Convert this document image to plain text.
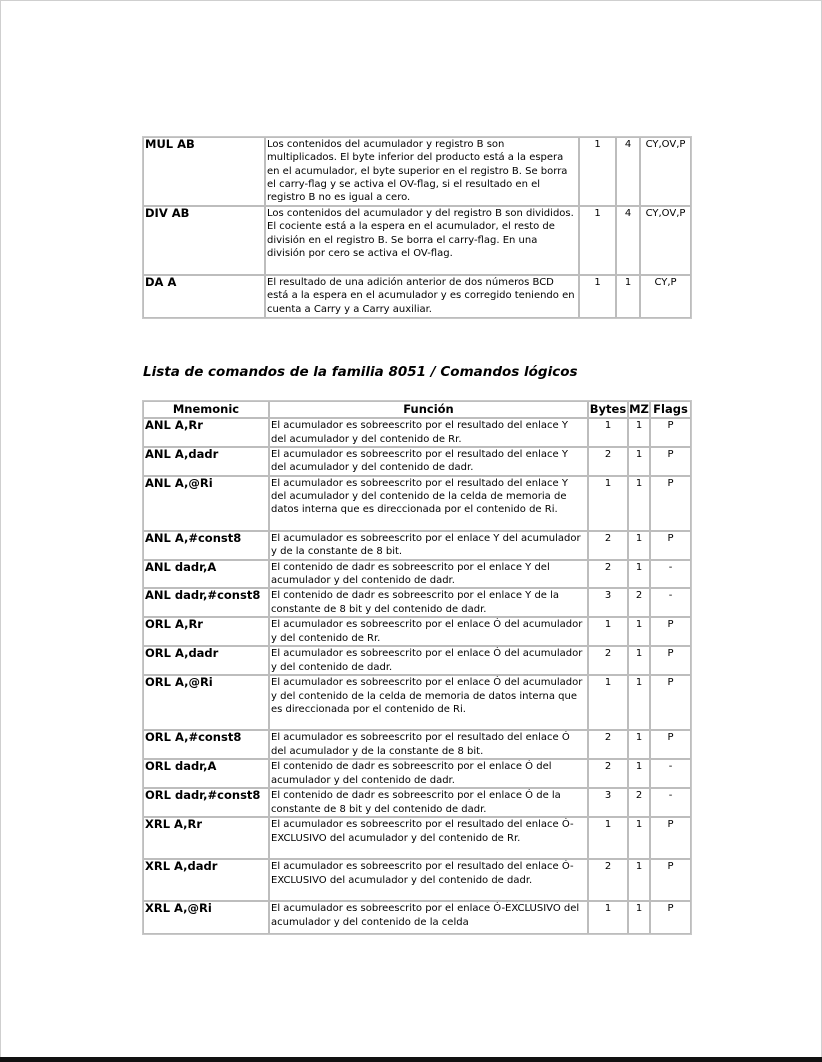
MUL AB	Los contenidos del acumulador y registro B son multiplicados. El byte inferior del producto está a la espera en el acumulador, el byte superior en el registro B. Se borra el carry-flag y se activa el OV-flag, si el resultado en el registro B no es igual a cero.	1	4	CY,OV,P
DIV AB	Los contenidos del acumulador y del registro B son divididos. El cociente está a la espera en el acumulador, el resto de división en el registro B. Se borra el carry-flag. En una división por cero se activa el OV-flag.	1	4	CY,OV,P
DA A	El resultado de una adición anterior de dos números BCD está a la espera en el acumulador y es corregido teniendo en cuenta a Carry y a Carry auxiliar.	1	1	CY,P
Lista de comandos de la familia 8051 / Comandos lógicos
Mnemonic	Función	Bytes	MZ	Flags
ANL A,Rr	El acumulador es sobreescrito por el resultado del enlace Y del acumulador y del contenido de Rr.	1	1	P
ANL A,dadr	El acumulador es sobreescrito por el resultado del enlace Y del acumulador y del contenido de dadr.	2	1	P
ANL A,@Ri	El acumulador es sobreescrito por el resultado del enlace Y del acumulador y del contenido de la celda de memoria de datos interna que es direccionada por el contenido de Ri.	1	1	P
ANL A,#const8	El acumulador es sobreescrito por el enlace Y del acumulador y de la constante de 8 bit.	2	1	P
ANL dadr,A	El contenido de dadr es sobreescrito por el enlace Y del acumulador y del contenido de dadr.	2	1	-
ANL dadr,#const8	El contenido de dadr es sobreescrito por el enlace Y de la constante de 8 bit y del contenido de dadr.	3	2	-
ORL A,Rr	El acumulador es sobreescrito por el enlace Ó del acumulador y del contenido de Rr.	1	1	P
ORL A,dadr	El acumulador es sobreescrito por el enlace Ó del acumulador y del contenido de dadr.	2	1	P
ORL A,@Ri	El acumulador es sobreescrito por el enlace Ó del acumulador y del contenido de la celda de memoria de datos interna que es direccionada por el contenido de Ri.	1	1	P
ORL A,#const8	El acumulador es sobreescrito por el resultado del enlace Ó del acumulador y de la constante de 8 bit.	2	1	P
ORL dadr,A	El contenido de dadr es sobreescrito por el enlace Ó del acumulador y del contenido de dadr.	2	1	-
ORL dadr,#const8	El contenido de dadr es sobreescrito por el enlace Ó de la constante de 8 bit y del contenido de dadr.	3	2	-
XRL A,Rr	El acumulador es sobreescrito por el resultado del enlace Ó-EXCLUSIVO del acumulador y del contenido de Rr.	1	1	P
XRL A,dadr	El acumulador es sobreescrito por el resultado del enlace Ó-EXCLUSIVO del acumulador y del contenido de dadr.	2	1	P
XRL A,@Ri	El acumulador es sobreescrito por el enlace Ó-EXCLUSIVO del acumulador y del contenido de la celda	1	1	P
